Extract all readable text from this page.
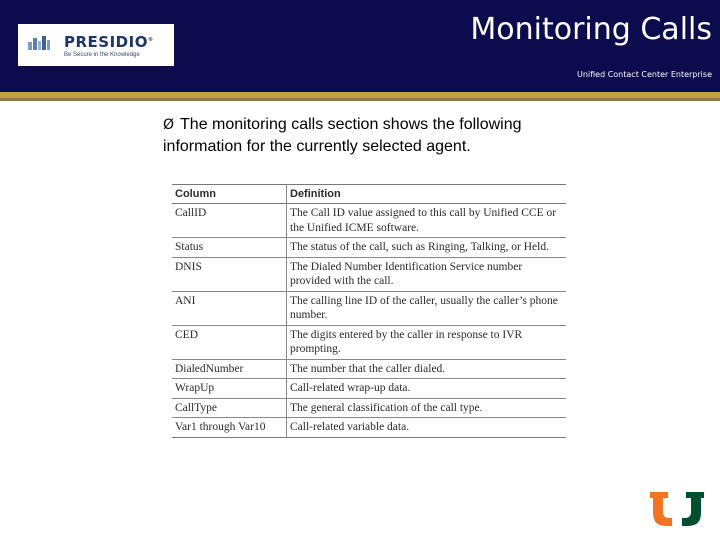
PRESIDIO®
Be Secure in the Knowledge
Monitoring Calls
Unified Contact Center Enterprise
Ø The monitoring calls section shows the following information for the currently selected agent.
Column	Definition
CallID	The Call ID value assigned to this call by Unified CCE or the Unified ICME software.
Status	The status of the call, such as Ringing, Talking, or Held.
DNIS	The Dialed Number Identification Service number provided with the call.
ANI	The calling line ID of the caller, usually the caller’s phone number.
CED	The digits entered by the caller in response to IVR prompting.
DialedNumber	The number that the caller dialed.
WrapUp	Call-related wrap-up data.
CallType	The general classification of the call type.
Var1 through Var10	Call-related variable data.
